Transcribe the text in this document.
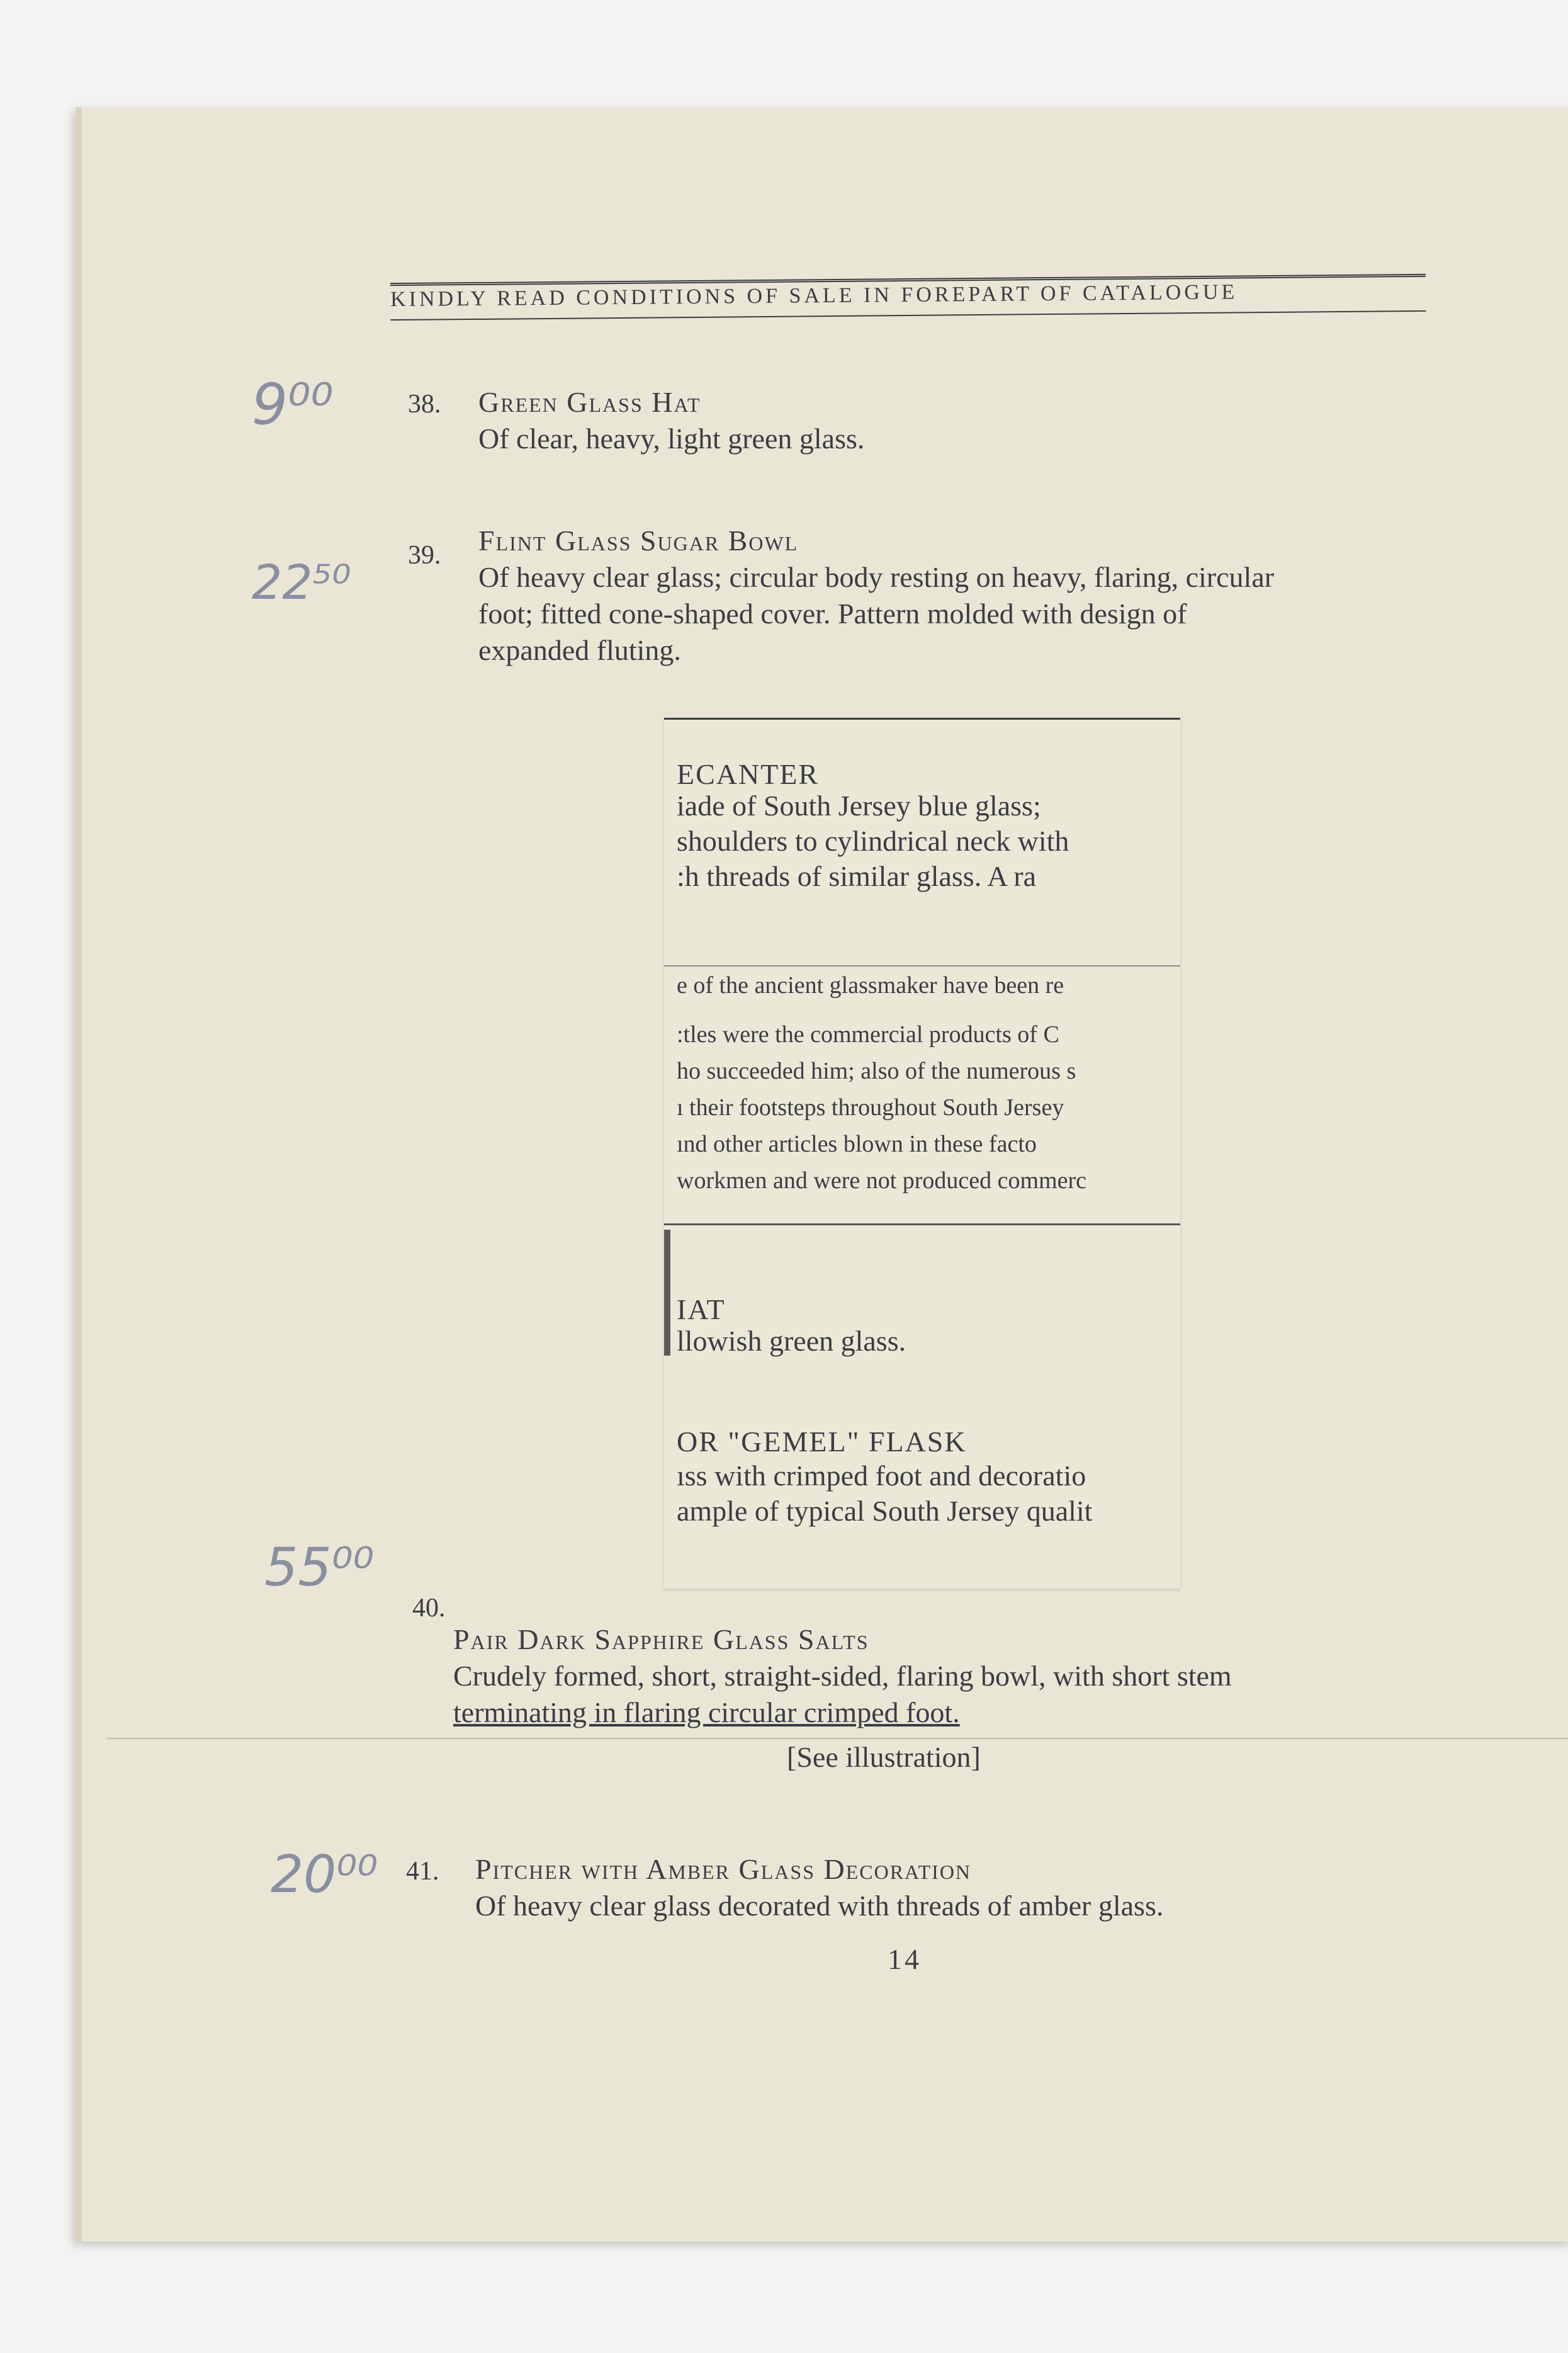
KINDLY READ CONDITIONS OF SALE IN FOREPART OF CATALOGUE
9⁰⁰	38. Green Glass Hat
Of clear, heavy, light green glass.
22⁵⁰ 39. Flint Glass Sugar Bowl
Of heavy clear glass; circular body resting on heavy, flaring, circular
foot; fitted cone-shaped cover. Pattern molded with design of
expanded fluting.
ECANTER
iade of South Jersey blue glass;
shoulders to cylindrical neck with
:h threads of similar glass. A ra
e of the ancient glassmaker have been re
:tles were the commercial products of C
ho succeeded him; also of the numerous s
ı their footsteps throughout South Jersey
ınd other articles blown in these facto
workmen and were not produced commerc
IAT
llowish green glass.
OR "GEMEL" FLASK
ıss with crimped foot and decoratio
ample of typical South Jersey qualit
55⁰⁰
40.
Pair Dark Sapphire Glass Salts
Crudely formed, short, straight-sided, flaring bowl, with short stem
terminating in flaring circular crimped foot.
[See illustration]
20⁰⁰ 41. Pitcher with Amber Glass Decoration
Of heavy clear glass decorated with threads of amber glass.
14
